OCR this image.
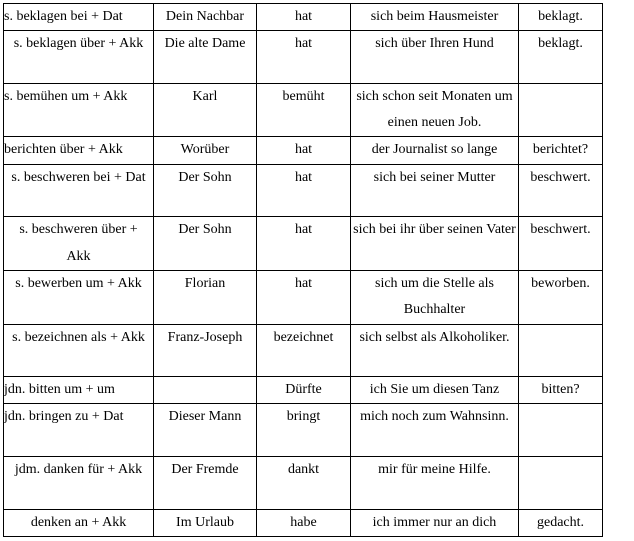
s. beklagen bei + Dat	Dein Nachbar	hat	sich beim Hausmeister	beklagt.
s. beklagen über + Akk	Die alte Dame	hat	sich über Ihren Hund	beklagt.
s. bemühen um + Akk	Karl	bemüht	sich schon seit Monaten um einen neuen Job.	
berichten über + Akk	Worüber	hat	der Journalist so lange	berichtet?
s. beschweren bei + Dat	Der Sohn	hat	sich bei seiner Mutter	beschwert.
s. beschweren über + Akk	Der Sohn	hat	sich bei ihr über seinen Vater	beschwert.
s. bewerben um + Akk	Florian	hat	sich um die Stelle als Buchhalter	beworben.
s. bezeichnen als + Akk	Franz-Joseph	bezeichnet	sich selbst als Alkoholiker.	
jdn. bitten um + um		Dürfte	ich Sie um diesen Tanz	bitten?
jdn. bringen zu + Dat	Dieser Mann	bringt	mich noch zum Wahnsinn.	
jdm. danken für + Akk	Der Fremde	dankt	mir für meine Hilfe.	
denken an + Akk	Im Urlaub	habe	ich immer nur an dich	gedacht.
